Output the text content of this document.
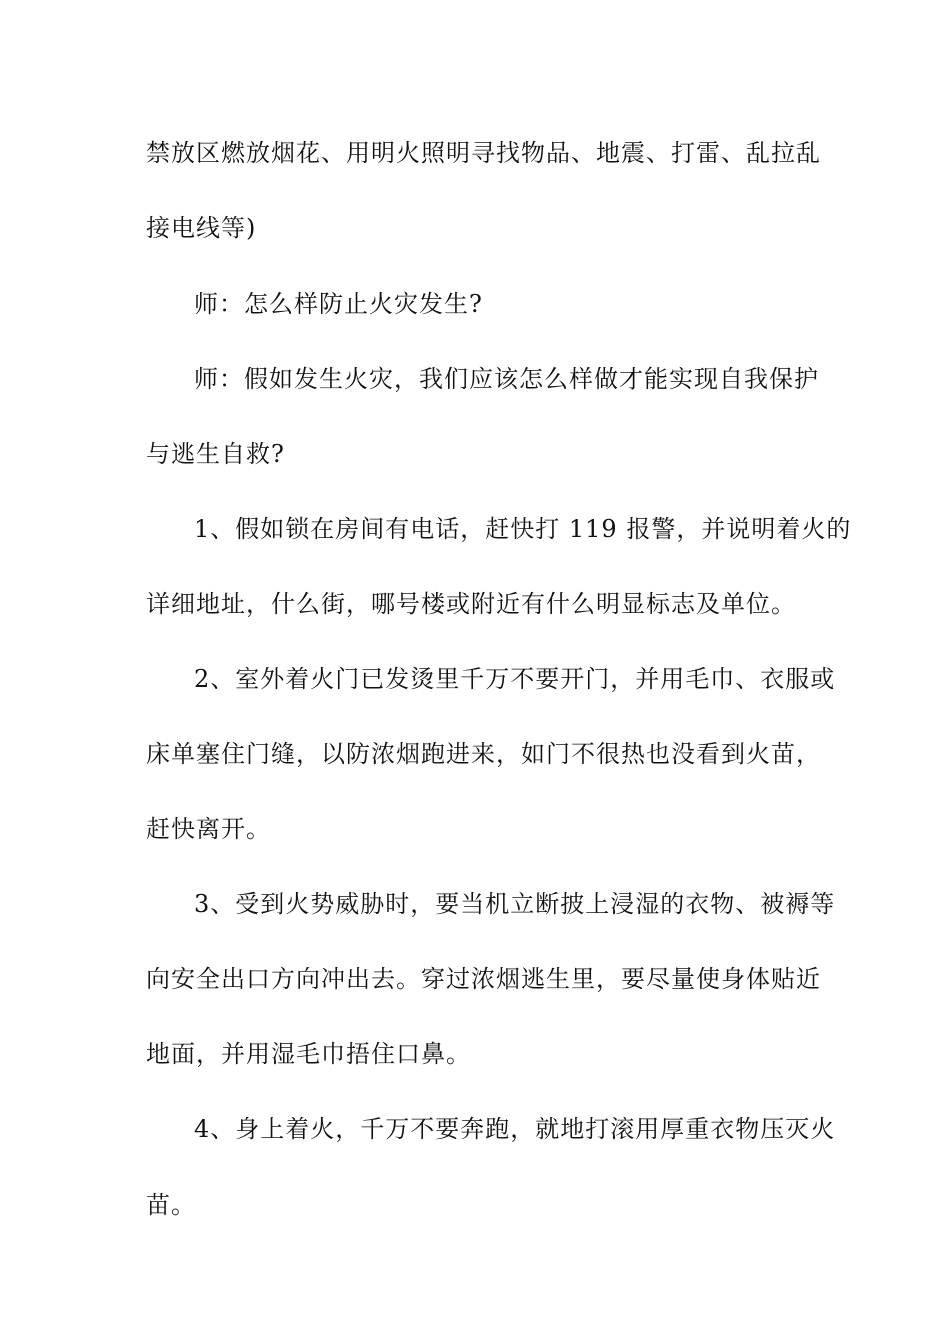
禁放区燃放烟花、用明火照明寻找物品、地震、打雷、乱拉乱
接电线等)
师：怎么样防止火灾发生?
师：假如发生火灾，我们应该怎么样做才能实现自我保护
与逃生自救?
1、假如锁在房间有电话，赶快打 119 报警，并说明着火的
详细地址，什么街，哪号楼或附近有什么明显标志及单位。
2、室外着火门已发烫里千万不要开门，并用毛巾、衣服或
床单塞住门缝，以防浓烟跑进来，如门不很热也没看到火苗，
赶快离开。
3、受到火势威胁时，要当机立断披上浸湿的衣物、被褥等
向安全出口方向冲出去。穿过浓烟逃生里，要尽量使身体贴近
地面，并用湿毛巾捂住口鼻。
4、身上着火，千万不要奔跑，就地打滚用厚重衣物压灭火
苗。
